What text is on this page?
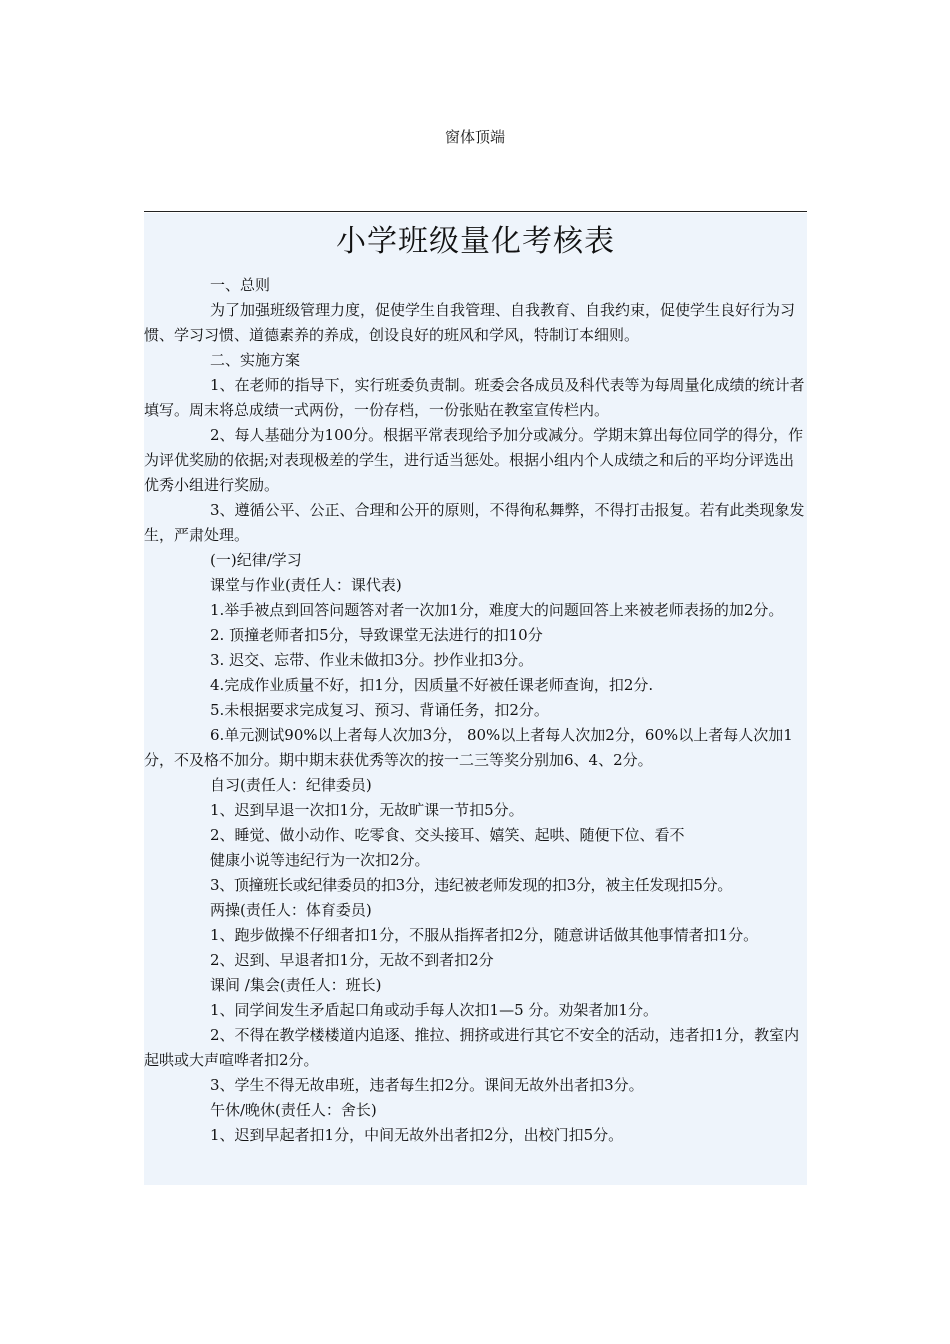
窗体顶端
小学班级量化考核表

一、总则

为了加强班级管理力度，促使学生自我管理、自我教育、自我约束，促使学生良好行为习惯、学习习惯、道德素养的养成，创设良好的班风和学风，特制订本细则。

二、实施方案

1、在老师的指导下，实行班委负责制。班委会各成员及科代表等为每周量化成绩的统计者填写。周末将总成绩一式两份，一份存档，一份张贴在教室宣传栏内。

2、每人基础分为100分。根据平常表现给予加分或减分。学期末算出每位同学的得分，作为评优奖励的依据;对表现极差的学生，进行适当惩处。根据小组内个人成绩之和后的平均分评选出优秀小组进行奖励。

3、遵循公平、公正、合理和公开的原则，不得徇私舞弊，不得打击报复。若有此类现象发生，严肃处理。

(一)纪律/学习

课堂与作业(责任人：课代表)

1.举手被点到回答问题答对者一次加1分，难度大的问题回答上来被老师表扬的加2分。

2. 顶撞老师者扣5分，导致课堂无法进行的扣10分

3. 迟交、忘带、作业未做扣3分。抄作业扣3分。

4.完成作业质量不好，扣1分，因质量不好被任课老师查询，扣2分.

5.未根据要求完成复习、预习、背诵任务，扣2分。

6.单元测试90%以上者每人次加3分， 80%以上者每人次加2分，60%以上者每人次加1分，不及格不加分。期中期末获优秀等次的按一二三等奖分别加6、4、2分。

自习(责任人：纪律委员)

1、迟到早退一次扣1分，无故旷课一节扣5分。

2、睡觉、做小动作、吃零食、交头接耳、嬉笑、起哄、随便下位、看不

健康小说等违纪行为一次扣2分。

3、顶撞班长或纪律委员的扣3分，违纪被老师发现的扣3分，被主任发现扣5分。

两操(责任人：体育委员)

1、跑步做操不仔细者扣1分，不服从指挥者扣2分，随意讲话做其他事情者扣1分。

2、迟到、早退者扣1分，无故不到者扣2分

课间 /集会(责任人：班长)

1、同学间发生矛盾起口角或动手每人次扣1—5 分。劝架者加1分。

2、不得在教学楼楼道内追逐、推拉、拥挤或进行其它不安全的活动，违者扣1分，教室内起哄或大声喧哗者扣2分。

3、学生不得无故串班，违者每生扣2分。课间无故外出者扣3分。

午休/晚休(责任人：舍长)

1、迟到早起者扣1分，中间无故外出者扣2分，出校门扣5分。
